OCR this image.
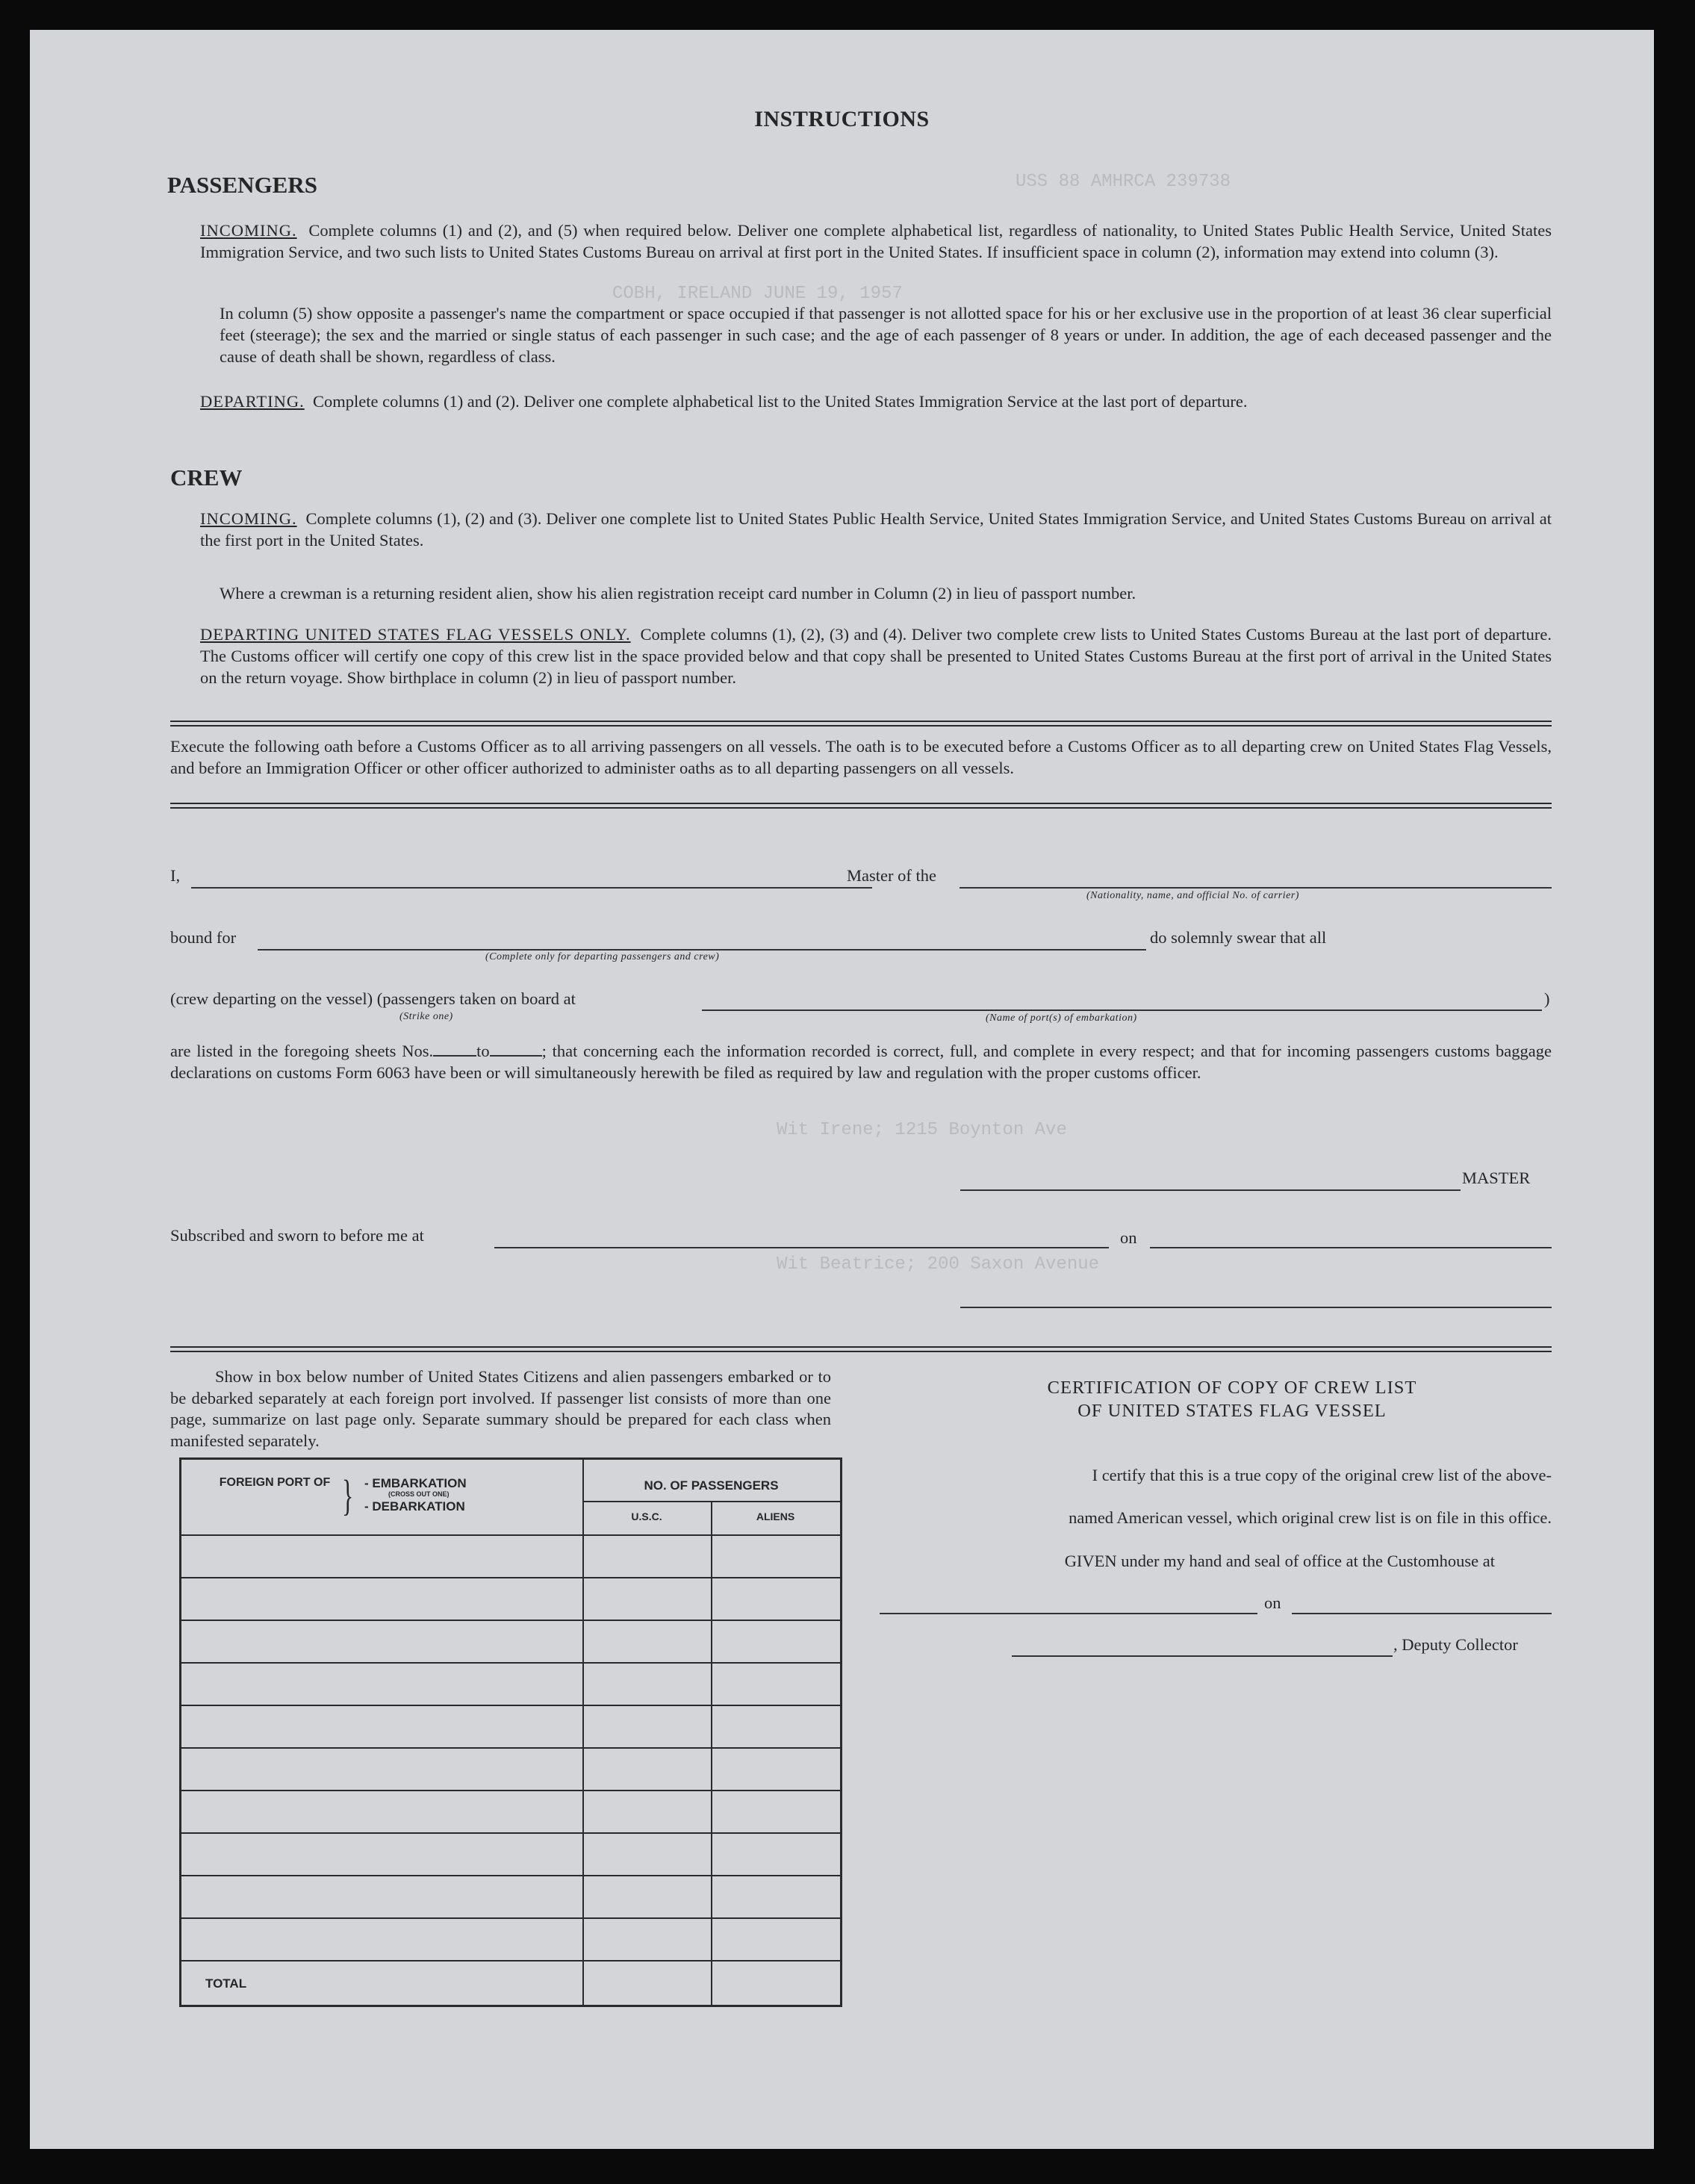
USS 88 AMHRCA 239738
COBH, IRELAND JUNE 19, 1957
Wit Irene; 1215 Boynton Ave
Wit Beatrice; 200 Saxon Avenue
INSTRUCTIONS
PASSENGERS
INCOMING. Complete columns (1) and (2), and (5) when required below. Deliver one complete alphabetical list, regardless of nationality, to United States Public Health Service, United States Immigration Service, and two such lists to United States Customs Bureau on arrival at first port in the United States. If insufficient space in column (2), information may extend into column (3).
In column (5) show opposite a passenger's name the compartment or space occupied if that passenger is not allotted space for his or her exclusive use in the proportion of at least 36 clear superficial feet (steerage); the sex and the married or single status of each passenger in such case; and the age of each passenger of 8 years or under. In addition, the age of each deceased passenger and the cause of death shall be shown, regardless of class.
DEPARTING. Complete columns (1) and (2). Deliver one complete alphabetical list to the United States Immigration Service at the last port of departure.
CREW
INCOMING. Complete columns (1), (2) and (3). Deliver one complete list to United States Public Health Service, United States Immigration Service, and United States Customs Bureau on arrival at the first port in the United States.
Where a crewman is a returning resident alien, show his alien registration receipt card number in Column (2) in lieu of passport number.
DEPARTING UNITED STATES FLAG VESSELS ONLY. Complete columns (1), (2), (3) and (4). Deliver two complete crew lists to United States Customs Bureau at the last port of departure. The Customs officer will certify one copy of this crew list in the space provided below and that copy shall be presented to United States Customs Bureau at the first port of arrival in the United States on the return voyage. Show birthplace in column (2) in lieu of passport number.
Execute the following oath before a Customs Officer as to all arriving passengers on all vessels. The oath is to be executed before a Customs Officer as to all departing crew on United States Flag Vessels, and before an Immigration Officer or other officer authorized to administer oaths as to all departing passengers on all vessels.
I,	Master of the
(Nationality, name, and official No. of carrier)
bound for
(Complete only for departing passengers and crew)
do solemnly swear that all
(crew departing on the vessel) (passengers taken on board at
(Strike one)
)
(Name of port(s) of embarkation)
are listed in the foregoing sheets Nos.	to	; that concerning each the information recorded is correct, full, and complete in every respect; and that for incoming passengers customs baggage declarations on customs Form 6063 have been or will simultaneously herewith be filed as required by law and regulation with the proper customs officer.
MASTER
Subscribed and sworn to before me at	on
Show in box below number of United States Citizens and alien passengers embarked or to be debarked separately at each foreign port involved. If passenger list consists of more than one page, summarize on last page only. Separate summary should be prepared for each class when manifested separately.
FOREIGN PORT OF } - EMBARKATION
(CROSS OUT ONE)
- DEBARKATION
NO. OF PASSENGERS
U.S.C.	ALIENS
TOTAL
CERTIFICATION OF COPY OF CREW LIST
OF UNITED STATES FLAG VESSEL
I certify that this is a true copy of the original crew list of the above-
named American vessel, which original crew list is on file in this office.
GIVEN under my hand and seal of office at the Customhouse at
on
, Deputy Collector
